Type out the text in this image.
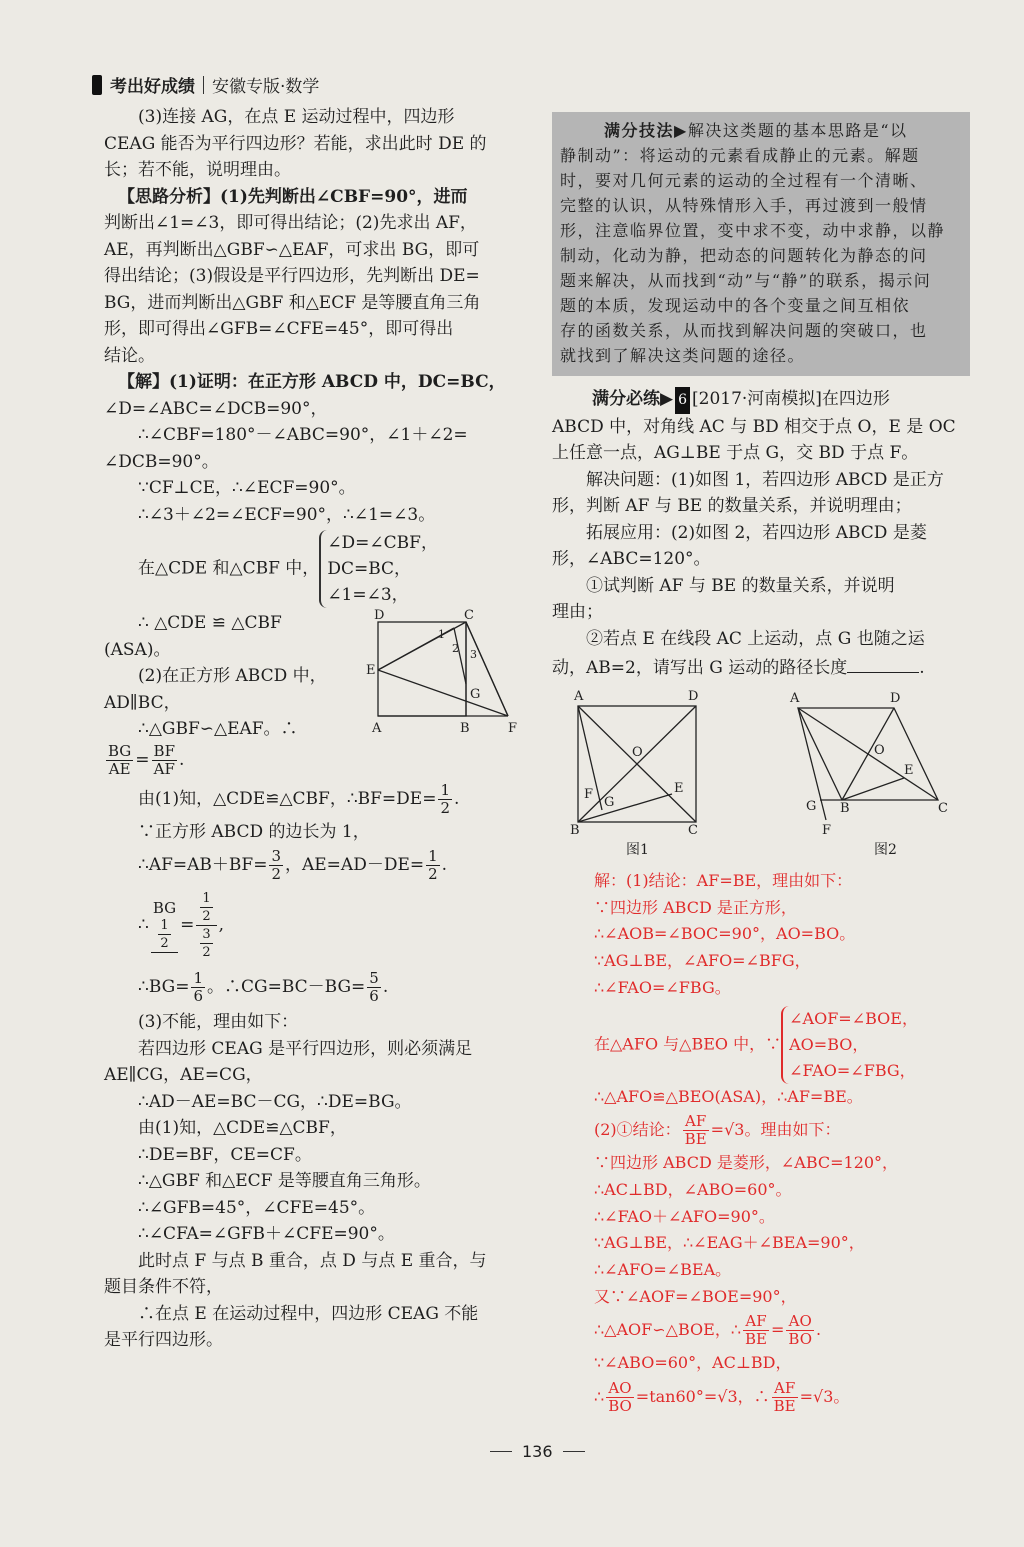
考出好成绩 安徽专版·数学
(3)连接 AG，在点 E 运动过程中，四边形
CEAG 能否为平行四边形？若能，求出此时 DE 的
长；若不能，说明理由。
【思路分析】(1)先判断出∠CBF=90°，进而
判断出∠1=∠3，即可得出结论；(2)先求出 AF，
AE，再判断出△GBF∽△EAF，可求出 BG，即可
得出结论；(3)假设是平行四边形，先判断出 DE=
BG，进而判断出△GBF 和△ECF 是等腰直角三角
形，即可得出∠GFB=∠CFE=45°，即可得出
结论。
【解】(1)证明：在正方形 ABCD 中，DC=BC，
∠D=∠ABC=∠DCB=90°，
∴∠CBF=180°－∠ABC=90°，∠1＋∠2=
∠DCB=90°。
∵CF⊥CE，∴∠ECF=90°。
∴∠3＋∠2=∠ECF=90°，∴∠1=∠3。
在△CDE 和△CBF 中，
∠D=∠CBF，
DC=BC，
∠1=∠3，
∴ △CDE ≌ △CBF
(ASA)。
(2)在正方形 ABCD 中，
AD∥BC，
∴△GBF∽△EAF。∴
$\frac{BG}{AE} = \frac{BF}{AF}$ .
由(1)知，△CDE≌△CBF，∴BF=DE= $\frac{1}{2}$ .
∵正方形 ABCD 的边长为 1，
∴AF=AB＋BF= $\frac{3}{2}$ ，$AE=AD-DE= \frac{1}{2}$ .
∴
BG

$\frac{1}{2} = \frac{\frac{1}{2}}{\frac{3}{2}}$ ,
∴BG= $\frac{1}{6}$ 。∴CG=BC－BG= $\frac{5}{6}$ .
(3)不能，理由如下：
若四边形 CEAG 是平行四边形，则必须满足
AE∥CG，AE=CG，
∴AD－AE=BC－CG，∴DE=BG。
由(1)知，△CDE≌△CBF，
∴DE=BF，CE=CF。
∴△GBF 和△ECF 是等腰直角三角形。
∴∠GFB=45°，∠CFE=45°。
∴∠CFA=∠GFB＋∠CFE=90°。
此时点 F 与点 B 重合，点 D 与点 E 重合，与
题目条件不符，
∴在点 E 在运动过程中，四边形 CEAG 不能
是平行四边形。
D	C
1
2 3
E
G
A	B	F
满分技法▶解决这类题的基本思路是“以
静制动”：将运动的元素看成静止的元素。解题
时，要对几何元素的运动的全过程有一个清晰、
完整的认识，从特殊情形入手，再过渡到一般情
形，注意临界位置，变中求不变，动中求静，以静
制动，化动为静，把动态的问题转化为静态的问
题来解决，从而找到“动”与“静”的联系，揭示问
题的本质，发现运动中的各个变量之间互相依
存的函数关系，从而找到解决问题的突破口，也
就找到了解决这类问题的途径。
满分必练▶ 6 [2017·河南模拟]在四边形
ABCD 中，对角线 AC 与 BD 相交于点 O，E 是 OC
上任意一点，AG⊥BE 于点 G，交 BD 于点 F。
解决问题：(1)如图 1，若四边形 ABCD 是正方
形，判断 AF 与 BE 的数量关系，并说明理由；
拓展应用：(2)如图 2，若四边形 ABCD 是菱
形，∠ABC=120°。
①试判断 AF 与 BE 的数量关系，并说明
理由；
②若点 E 在线段 AC 上运动，点 G 也随之运
动，AB=2，请写出 G 运动的路径长度	.
A	D
O
E
F
G
B	C
图1
A	D
O
E
G B	C
F
图2
解：(1)结论：AF=BE，理由如下：
∵四边形 ABCD 是正方形，
∴∠AOB=∠BOC=90°，AO=BO。
∵AG⊥BE，∠AFO=∠BFG，
∴∠FAO=∠FBG。
在△AFO 与△BEO 中，∵
∠AOF=∠BOE，
AO=BO，
∠FAO=∠FBG，
∴△AFO≌△BEO(ASA)，∴AF=BE。
(2)①结论： $\frac{AF}{BE} =√3$。理由如下：
∵四边形 ABCD 是菱形，∠ABC=120°，
∴AC⊥BD，∠ABO=60°。
∴∠FAO＋∠AFO=90°。
∵AG⊥BE，∴∠EAG＋∠BEA=90°，
∴∠AFO=∠BEA。
又∵∠AOF=∠BOE=90°，
∴△AOF∽△BOE，∴ $\frac{AF}{BE} = \frac{AO}{BO}$ .
∵∠ABO=60°，AC⊥BD，
∴ $\frac{AO}{BO} =\tan 60^\circ=√3$，∴ $\frac{AF}{BE} =√3$。
136
